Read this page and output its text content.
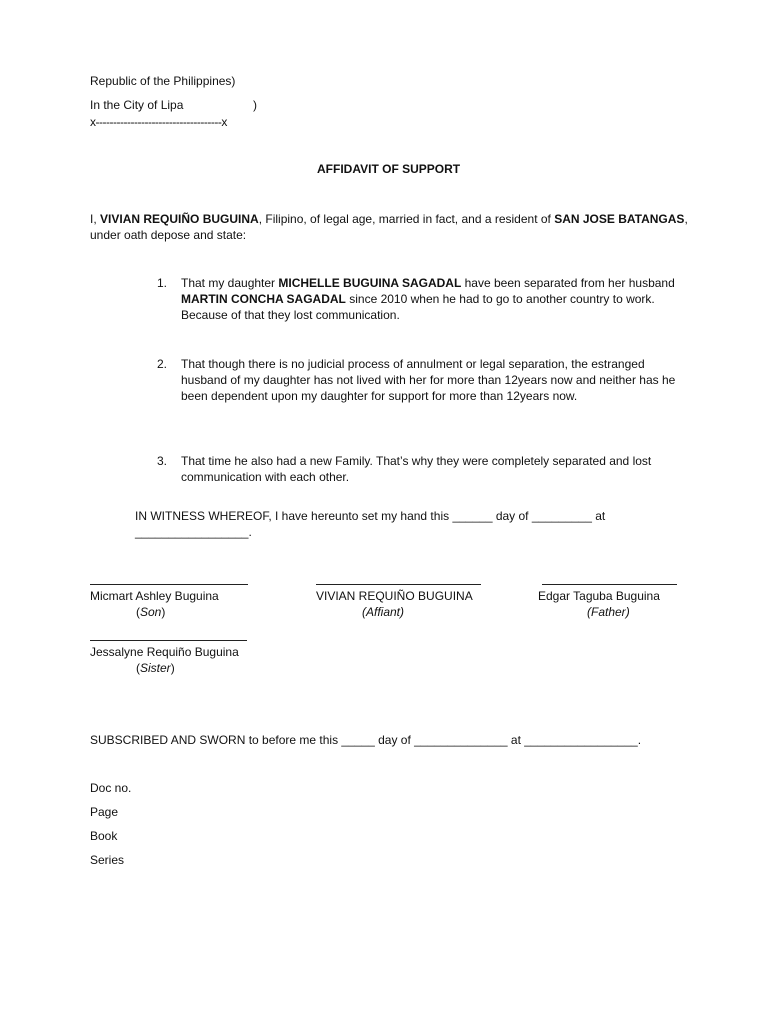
Republic of the Philippines)
In the City of Lipa	)
x------------------------------------x
AFFIDAVIT OF SUPPORT
I, VIVIAN REQUIÑO BUGUINA, Filipino, of legal age, married in fact, and a resident of SAN JOSE BATANGAS, under oath depose and state:
1. That my daughter MICHELLE BUGUINA SAGADAL have been separated from her husband MARTIN CONCHA SAGADAL since 2010 when he had to go to another country to work. Because of that they lost communication.
2. That though there is no judicial process of annulment or legal separation, the estranged husband of my daughter has not lived with her for more than 12years now and neither has he been dependent upon my daughter for support for more than 12years now.
3. That time he also had a new Family. That’s why they were completely separated and lost communication with each other.
IN WITNESS WHEREOF, I have hereunto set my hand this ______ day of _________ at
_________________.
Micmart Ashley Buguina	VIVIAN REQUIÑO BUGUINA	Edgar Taguba Buguina
(Son)	(Affiant)	(Father)
Jessalyne Requiño Buguina
(Sister)
SUBSCRIBED AND SWORN to before me this _____ day of ______________ at _________________.
Doc no.
Page
Book
Series
